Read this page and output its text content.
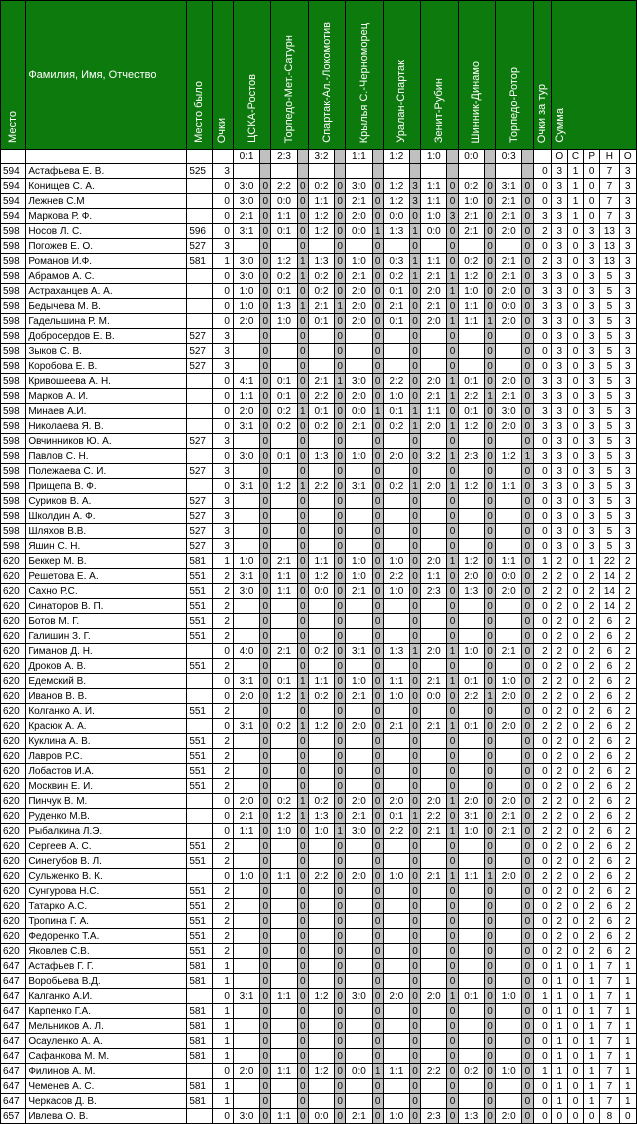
Место	Фамилия, Имя, Отчество	Место было	Очки	ЦСКА-Ростов		Торпедо-Мет.-Сатурн		Спартак-Ал.-Локомотив		Крылья С.-Черноморец		Уралан-Спартак		Зенит-Рубин		Шинник-Динамо		Торпедо-Ротор		Очки за тур	Сумма				
				0:1		2:3		3:2		1:1		1:2		1:0		0:0		0:3			О	С	Р	Н	О
594	Астафьева Е. В.	525	3																	0	3	1	0	7	3
594	Конищев С. А.		0	3:0	0	2:2	0	0:2	0	3:0	0	1:2	3	1:1	0	0:2	0	3:1	0	0	3	1	0	7	3
594	Лежнев С.М		0	3:0	0	0:0	0	1:1	0	2:1	0	1:2	3	1:1	0	1:0	0	2:1	0	0	3	1	0	7	3
594	Маркова Р. Ф.		0	2:1	0	1:1	0	1:2	0	2:0	0	0:0	0	1:0	3	2:1	0	2:1	0	3	3	1	0	7	3
598	Носов Л. С.	596	0	3:1	0	0:1	0	1:2	0	0:0	1	1:3	1	0:0	0	2:1	0	2:0	0	2	3	0	3	13	3
598	Погожев Е. О.	527	3		0		0		0		0		0		0		0		0	0	3	0	3	13	3
598	Романов И.Ф.	581	1	3:0	0	1:2	1	1:3	0	1:0	0	0:3	1	1:1	0	0:2	0	2:1	0	2	3	0	3	13	3
598	Абрамов А. С.		0	3:0	0	0:2	1	0:2	0	2:1	0	0:2	1	2:1	1	1:2	0	2:1	0	3	3	0	3	5	3
598	Астраханцев А. А.		0	1:0	0	0:1	0	0:2	0	2:0	0	0:1	0	2:0	1	1:0	0	2:0	0	3	3	0	3	5	3
598	Бедычева М. В.		0	1:0	0	1:3	1	2:1	1	2:0	0	2:1	0	2:1	0	1:1	0	0:0	0	3	3	0	3	5	3
598	Гадельшина Р. М.		0	2:0	0	1:0	0	0:1	0	2:0	0	0:1	0	2:0	1	1:1	1	2:0	0	3	3	0	3	5	3
598	Добросердов Е. В.	527	3		0		0		0		0		0		0		0		0	0	3	0	3	5	3
598	Зыков С. В.	527	3		0		0		0		0		0		0		0		0	0	3	0	3	5	3
598	Коробова Е. В.	527	3		0		0		0		0		0		0		0		0	0	3	0	3	5	3
598	Кривошеева А. Н.		0	4:1	0	0:1	0	2:1	1	3:0	0	2:2	0	2:0	1	0:1	0	2:0	0	3	3	0	3	5	3
598	Марков А. И.		0	1:1	0	0:1	0	2:2	0	2:0	0	1:0	0	2:1	1	2:2	1	2:1	0	3	3	0	3	5	3
598	Минаев А.И.		0	2:0	0	0:2	1	0:1	0	0:0	1	0:1	1	1:1	0	0:1	0	3:0	0	3	3	0	3	5	3
598	Николаева Я. В.		0	3:1	0	0:2	0	0:2	0	2:1	0	0:2	1	2:0	1	1:2	0	2:0	0	3	3	0	3	5	3
598	Овчинников Ю. А.	527	3		0		0		0		0		0		0		0		0	0	3	0	3	5	3
598	Павлов С. Н.		0	3:0	0	0:1	0	1:3	0	1:0	0	2:0	0	3:2	1	2:3	0	1:2	1	3	3	0	3	5	3
598	Полежаева С. И.	527	3		0		0		0		0		0		0		0		0	0	3	0	3	5	3
598	Прищепа В. Ф.		0	3:1	0	1:2	1	2:2	0	3:1	0	0:2	1	2:0	1	1:2	0	1:1	0	3	3	0	3	5	3
598	Суриков В. А.	527	3		0		0		0		0		0		0		0		0	0	3	0	3	5	3
598	Школдин А. Ф.	527	3		0		0		0		0		0		0		0		0	0	3	0	3	5	3
598	Шляхов В.В.	527	3		0		0		0		0		0		0		0		0	0	3	0	3	5	3
598	Яшин С. Н.	527	3		0		0		0		0		0		0		0		0	0	3	0	3	5	3
620	Беккер М. В.	581	1	1:0	0	2:1	0	1:1	0	1:0	0	1:0	0	2:0	1	1:2	0	1:1	0	1	2	0	1	22	2
620	Решетова Е. А.	551	2	3:1	0	1:1	0	1:2	0	1:0	0	2:2	0	1:1	0	2:0	0	0:0	0	2	2	0	2	14	2
620	Сахно Р.С.	551	2	3:0	0	1:1	0	0:0	0	2:1	0	1:0	0	2:3	0	1:3	0	2:0	0	2	2	0	2	14	2
620	Синаторов В. П.	551	2		0		0		0		0		0		0		0		0	0	2	0	2	14	2
620	Ботов М. Г.	551	2		0		0		0		0		0		0		0		0	0	2	0	2	6	2
620	Галишин З. Г.	551	2		0		0		0		0		0		0		0		0	0	2	0	2	6	2
620	Гиманов Д. Н.		0	4:0	0	2:1	0	0:2	0	3:1	0	1:3	1	2:0	1	1:0	0	2:1	0	2	2	0	2	6	2
620	Дроков А. В.	551	2		0		0		0		0		0		0		0		0	0	2	0	2	6	2
620	Едемский В.		0	3:1	0	0:1	1	1:1	0	1:0	0	1:1	0	2:1	1	0:1	0	1:0	0	2	2	0	2	6	2
620	Иванов В. В.		0	2:0	0	1:2	1	0:2	0	2:1	0	1:0	0	0:0	0	2:2	1	2:0	0	2	2	0	2	6	2
620	Колганко А. И.	551	2		0		0		0		0		0		0		0		0	0	2	0	2	6	2
620	Красюк А. А.		0	3:1	0	0:2	1	1:2	0	2:0	0	2:1	0	2:1	1	0:1	0	2:0	0	2	2	0	2	6	2
620	Куклина А. В.	551	2		0		0		0		0		0		0		0		0	0	2	0	2	6	2
620	Лавров Р.С.	551	2		0		0		0		0		0		0		0		0	0	2	0	2	6	2
620	Лобастов И.А.	551	2		0		0		0		0		0		0		0		0	0	2	0	2	6	2
620	Москвин Е. И.	551	2		0		0		0		0		0		0		0		0	0	2	0	2	6	2
620	Пинчук В. М.		0	2:0	0	0:2	1	0:2	0	2:0	0	2:0	0	2:0	1	2:0	0	2:0	0	2	2	0	2	6	2
620	Руденко М.В.		0	2:1	0	1:2	1	1:3	0	2:1	0	0:1	1	2:2	0	3:1	0	2:1	0	2	2	0	2	6	2
620	Рыбалкина Л.Э.		0	1:1	0	1:0	0	1:0	1	3:0	0	2:2	0	2:1	1	1:0	0	2:1	0	2	2	0	2	6	2
620	Сергеев А. С.	551	2		0		0		0		0		0		0		0		0	0	2	0	2	6	2
620	Синегубов В. Л.	551	2		0		0		0		0		0		0		0		0	0	2	0	2	6	2
620	Сульженко В. К.		0	1:0	0	1:1	0	2:2	0	2:0	0	1:0	0	2:1	1	1:1	1	2:0	0	2	2	0	2	6	2
620	Сунгурова Н.С.	551	2		0		0		0		0		0		0		0		0	0	2	0	2	6	2
620	Татарко А.С.	551	2		0		0		0		0		0		0		0		0	0	2	0	2	6	2
620	Тропина Г. А.	551	2		0		0		0		0		0		0		0		0	0	2	0	2	6	2
620	Федоренко Т.А.	551	2		0		0		0		0		0		0		0		0	0	2	0	2	6	2
620	Яковлев С.В.	551	2		0		0		0		0		0		0		0		0	0	2	0	2	6	2
647	Астафьев Г. Г.	581	1		0		0		0		0		0		0		0		0	0	1	0	1	7	1
647	Воробьева В.Д.	581	1		0		0		0		0		0		0		0		0	0	1	0	1	7	1
647	Калганко А.И.		0	3:1	0	1:1	0	1:2	0	3:0	0	2:0	0	2:0	1	0:1	0	1:0	0	1	1	0	1	7	1
647	Карпенко Г.А.	581	1		0		0		0		0		0		0		0		0	0	1	0	1	7	1
647	Мельников А. Л.	581	1		0		0		0		0		0		0		0		0	0	1	0	1	7	1
647	Осауленко А. А.	581	1		0		0		0		0		0		0		0		0	0	1	0	1	7	1
647	Сафанкова М. М.	581	1		0		0		0		0		0		0		0		0	0	1	0	1	7	1
647	Филинов А. М.		0	2:0	0	1:1	0	1:2	0	0:0	1	1:1	0	2:2	0	0:2	0	1:0	0	1	1	0	1	7	1
647	Чеменев А. С.	581	1		0		0		0		0		0		0		0		0	0	1	0	1	7	1
647	Черкасов Д. В.	581	1		0		0		0		0		0		0		0		0	0	1	0	1	7	1
657	Ивлева О. В.		0	3:0	0	1:1	0	0:0	0	2:1	0	1:0	0	2:3	0	1:3	0	2:0	0	0	0	0	0	8	0
